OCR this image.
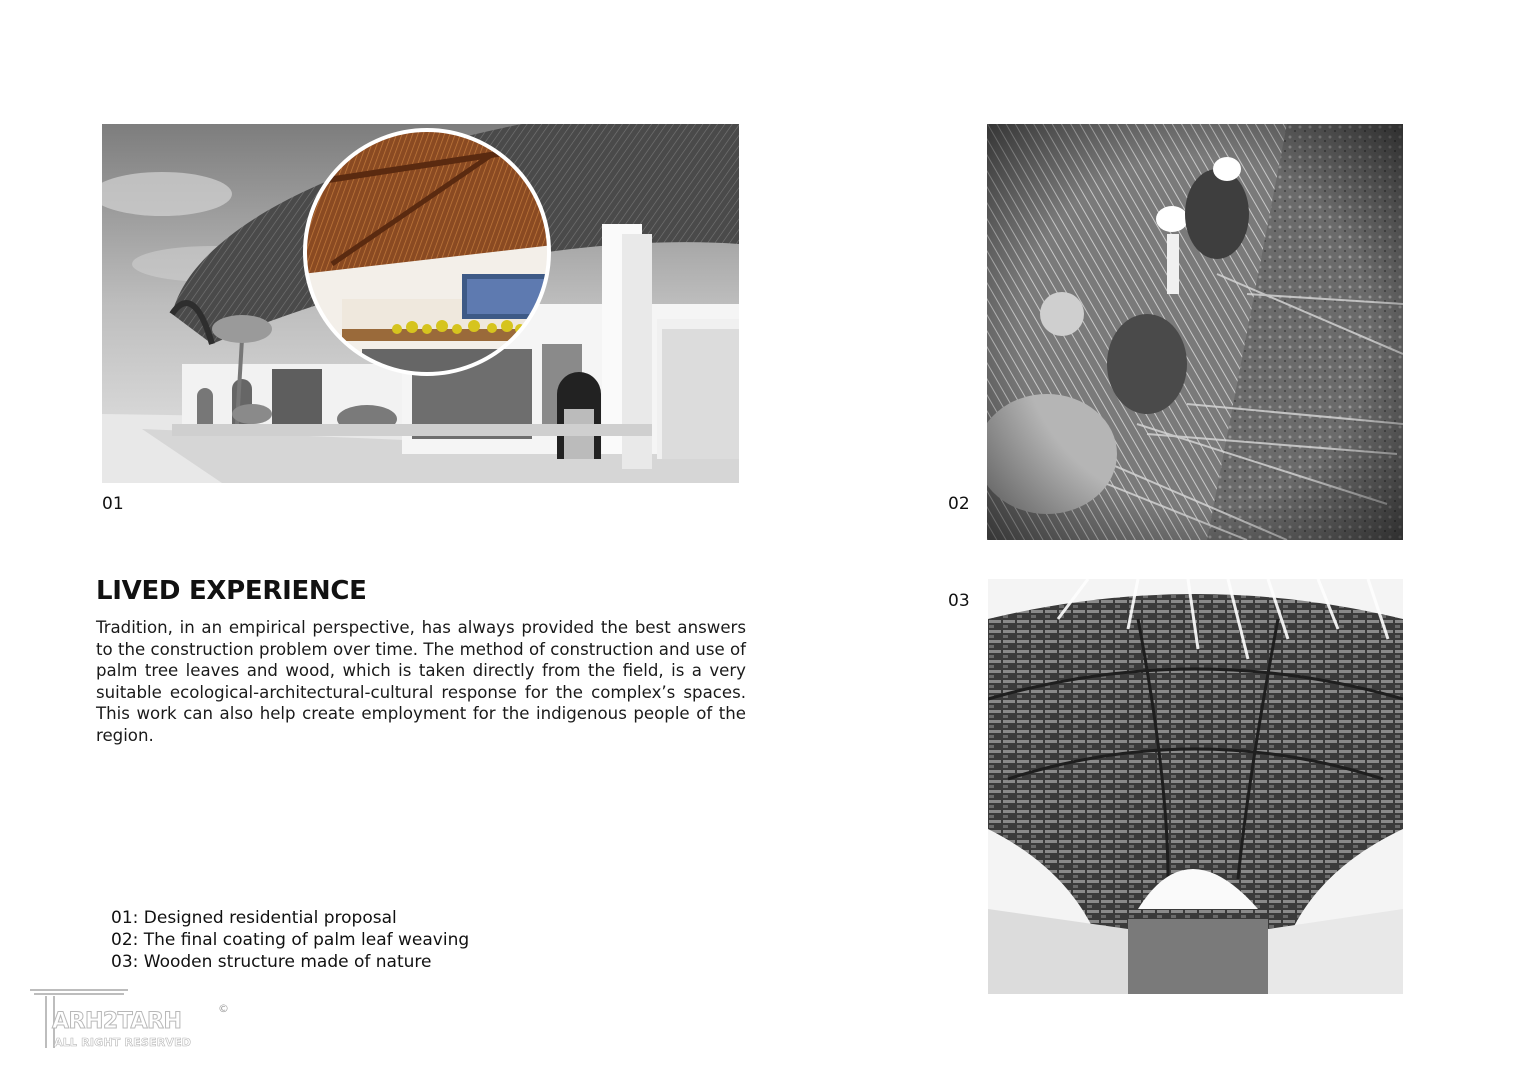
01	02
03
LIVED EXPERIENCE

Tradition, in an empirical perspective, has always provided the best answers to the construction problem over time. The method of construction and use of palm tree leaves and wood, which is taken directly from the field, is a very suitable ecological-architectural-cultural response for the complex’s spaces. This work can also help create employment for the indigenous people of the region.

01: Designed residential proposal
02: The final coating of palm leaf weaving
03: Wooden structure made of nature
ARH2TARH
ALL RIGHT RESERVED
©
